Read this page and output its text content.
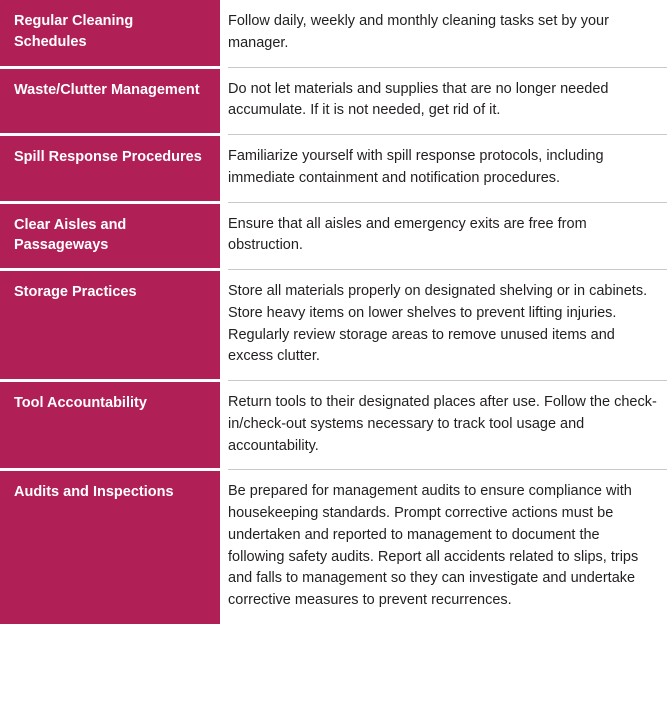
Regular Cleaning Schedules	Follow daily, weekly and monthly cleaning tasks set by your manager.
Waste/Clutter Management	Do not let materials and supplies that are no longer needed accumulate. If it is not needed, get rid of it.
Spill Response Procedures	Familiarize yourself with spill response protocols, including immediate containment and notification procedures.
Clear Aisles and Passageways	Ensure that all aisles and emergency exits are free from obstruction.
Storage Practices	Store all materials properly on designated shelving or in cabinets. Store heavy items on lower shelves to prevent lifting injuries. Regularly review storage areas to remove unused items and excess clutter.
Tool Accountability	Return tools to their designated places after use. Follow the check-in/check-out systems necessary to track tool usage and accountability.
Audits and Inspections	Be prepared for management audits to ensure compliance with housekeeping standards. Prompt corrective actions must be undertaken and reported to management to document the following safety audits. Report all accidents related to slips, trips and falls to management so they can investigate and undertake corrective measures to prevent recurrences.
